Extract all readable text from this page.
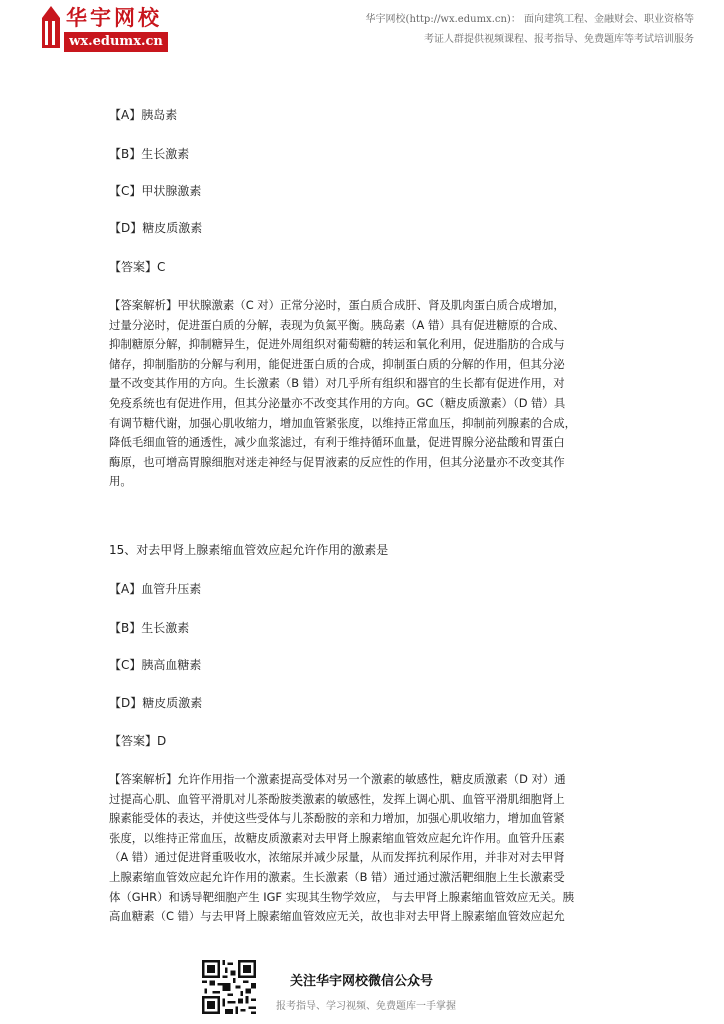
华宇网校
wx.edumx.cn
华宇网校(http://wx.edumx.cn)： 面向建筑工程、金融财会、职业资格等
考证人群提供视频课程、报考指导、免费题库等考试培训服务
【A】胰岛素
【B】生长激素
【C】甲状腺激素
【D】糖皮质激素
【答案】C
【答案解析】甲状腺激素（C 对）正常分泌时，蛋白质合成肝、肾及肌肉蛋白质合成增加，
过量分泌时，促进蛋白质的分解，表现为负氮平衡。胰岛素（A 错）具有促进糖原的合成、
抑制糖原分解，抑制糖异生，促进外周组织对葡萄糖的转运和氧化利用，促进脂肪的合成与
储存，抑制脂肪的分解与利用，能促进蛋白质的合成，抑制蛋白质的分解的作用，但其分泌
量不改变其作用的方向。生长激素（B 错）对几乎所有组织和器官的生长都有促进作用，对
免疫系统也有促进作用，但其分泌量亦不改变其作用的方向。GC（糖皮质激素）（D 错）具
有调节糖代谢，加强心肌收缩力，增加血管紧张度，以维持正常血压，抑制前列腺素的合成，
降低毛细血管的通透性，减少血浆滤过，有利于维持循环血量，促进胃腺分泌盐酸和胃蛋白
酶原，也可增高胃腺细胞对迷走神经与促胃液素的反应性的作用，但其分泌量亦不改变其作
用。
15、对去甲肾上腺素缩血管效应起允许作用的激素是
【A】血管升压素
【B】生长激素
【C】胰高血糖素
【D】糖皮质激素
【答案】D
【答案解析】允许作用指一个激素提高受体对另一个激素的敏感性，糖皮质激素（D 对）通
过提高心肌、血管平滑肌对儿茶酚胺类激素的敏感性，发挥上调心肌、血管平滑肌细胞肾上
腺素能受体的表达，并使这些受体与儿茶酚胺的亲和力增加，加强心肌收缩力，增加血管紧
张度，以维持正常血压，故糖皮质激素对去甲肾上腺素缩血管效应起允许作用。血管升压素
（A 错）通过促进肾重吸收水，浓缩尿并减少尿量，从而发挥抗利尿作用，并非对对去甲肾
上腺素缩血管效应起允许作用的激素。生长激素（B 错）通过通过激活靶细胞上生长激素受
体（GHR）和诱导靶细胞产生 IGF 实现其生物学效应， 与去甲肾上腺素缩血管效应无关。胰
高血糖素（C 错）与去甲肾上腺素缩血管效应无关，故也非对去甲肾上腺素缩血管效应起允
关注华宇网校微信公众号
报考指导、学习视频、免费题库一手掌握
